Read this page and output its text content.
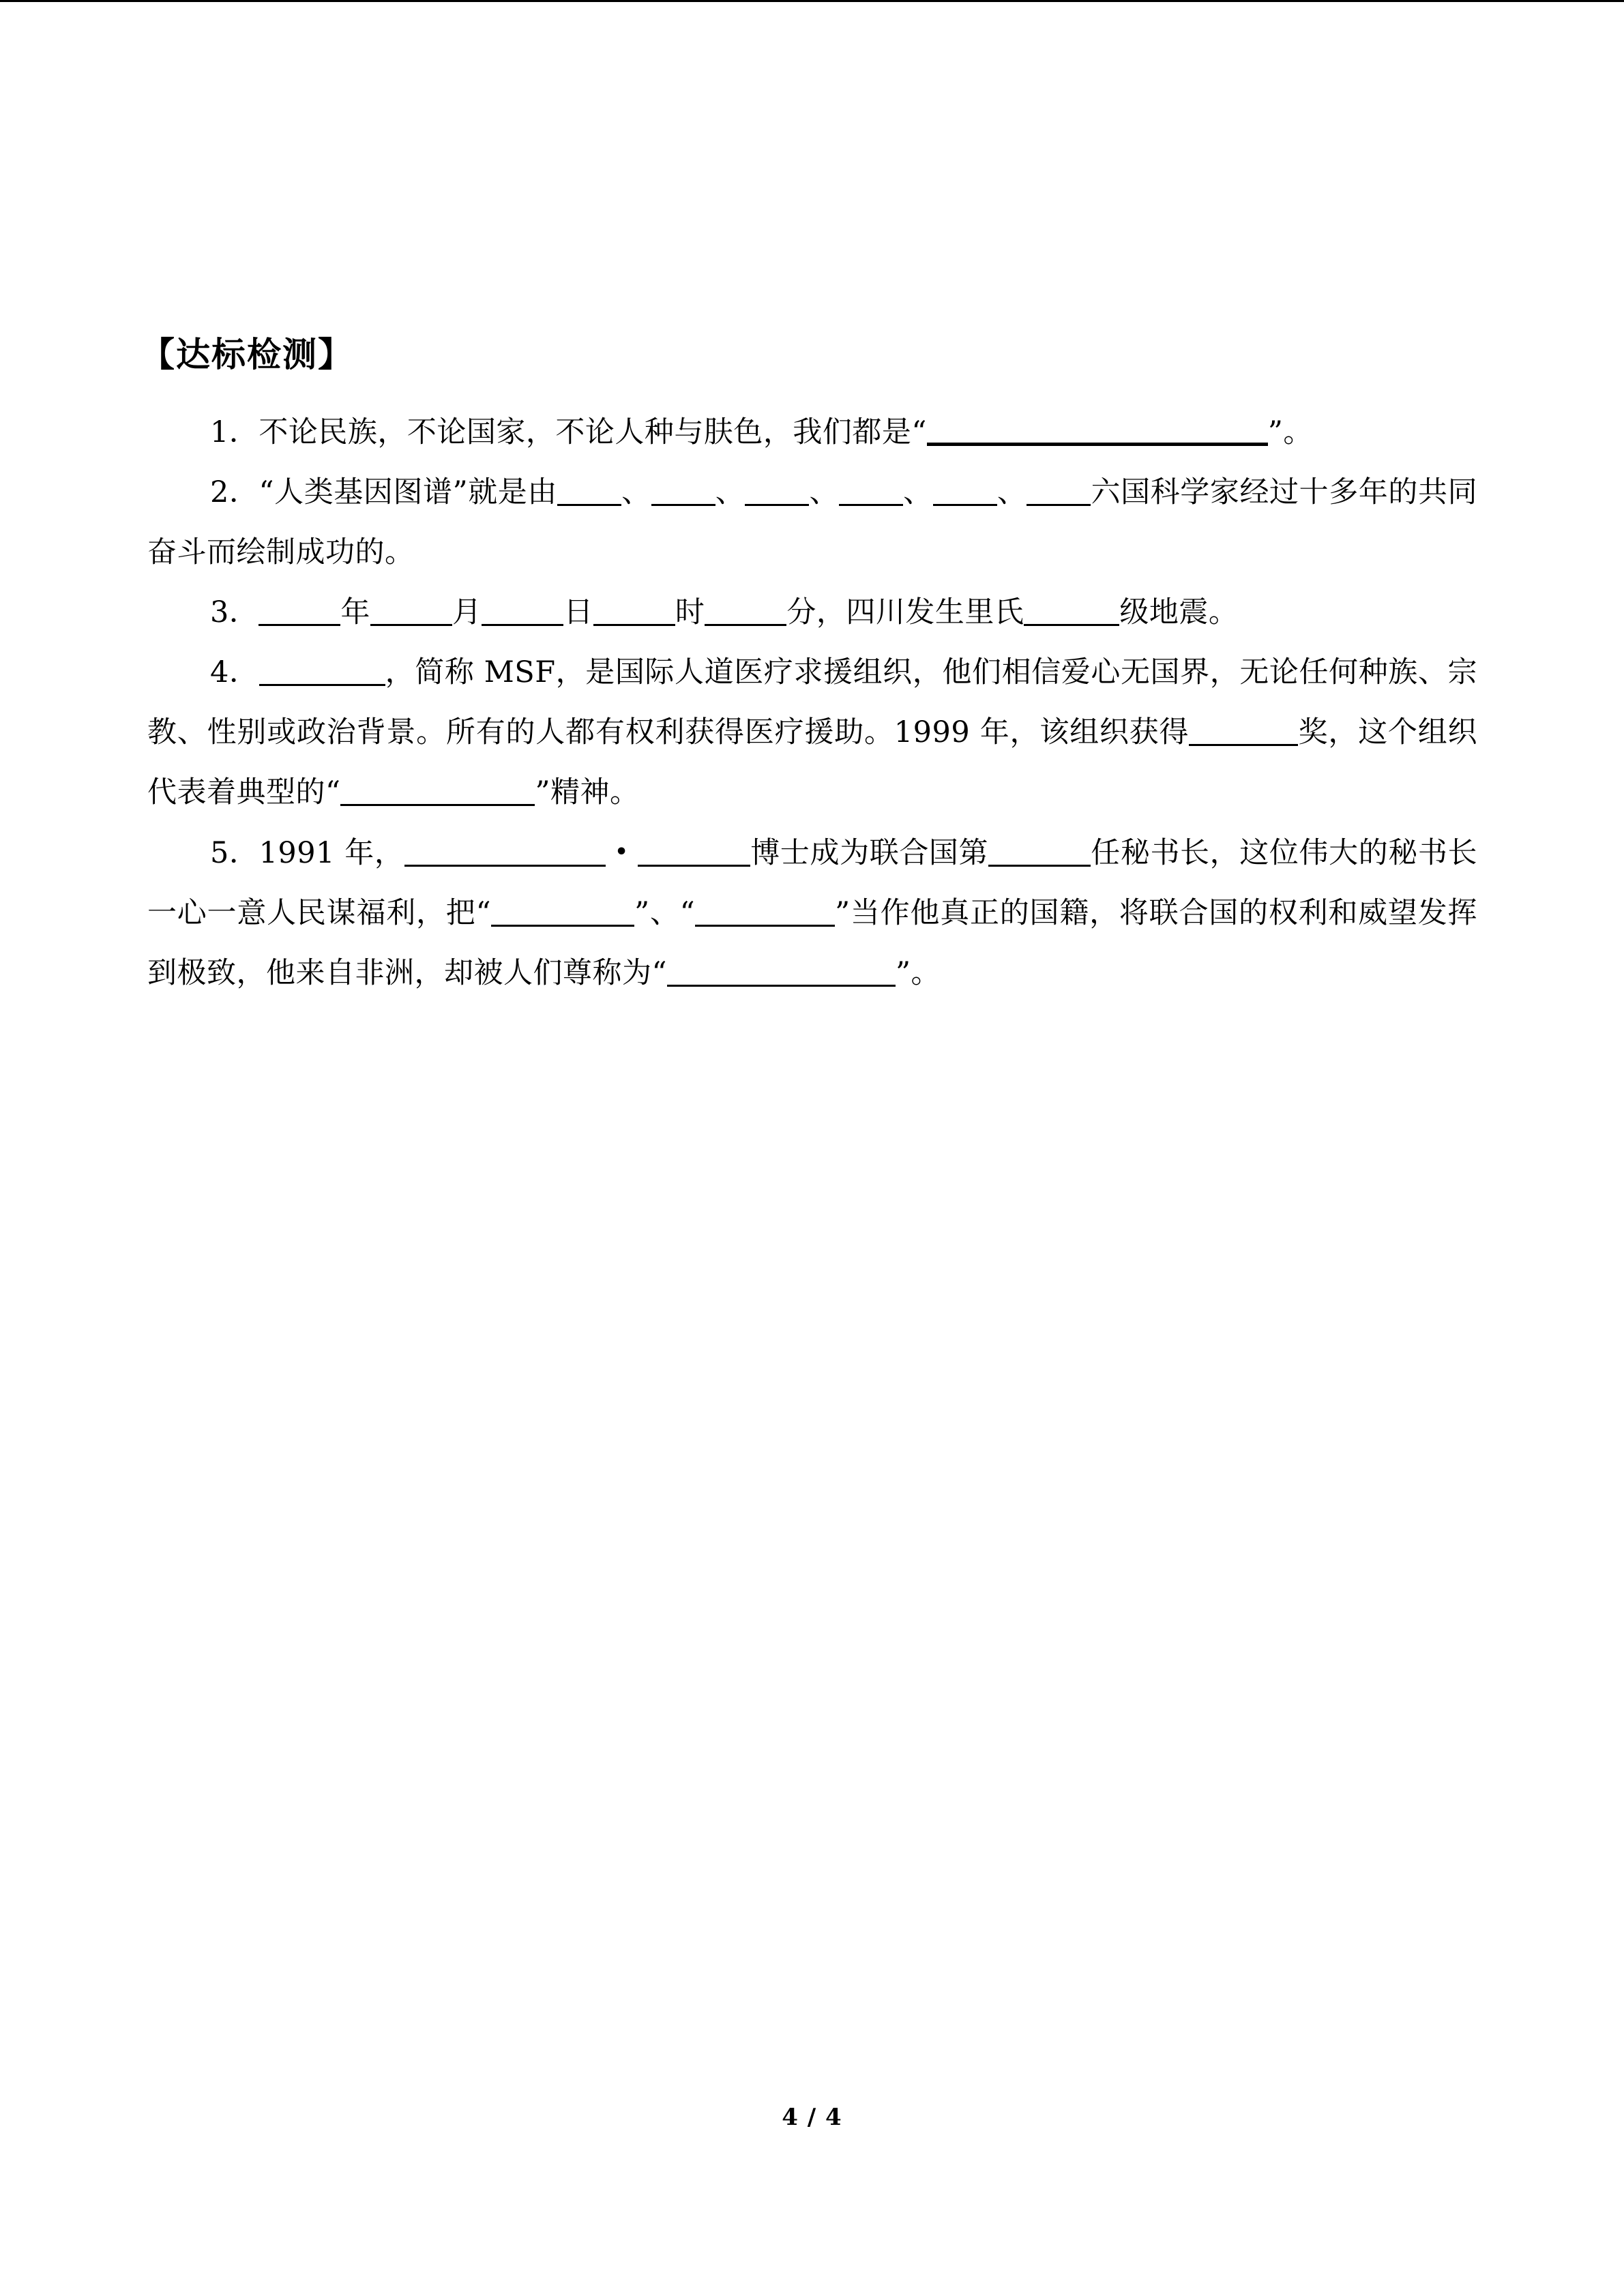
【达标检测】

1．不论民族，不论国家，不论人种与肤色，我们都是“	”。

2．“人类基因图谱”就是由 、 、 、 、 、 六国科学家经过十多年的共同奋斗而绘制成功的。

3．	年	月	日	时	分，四川发生里氏	级地震。

4．	，简称 MSF，是国际人道医疗求援组织，他们相信爱心无国界，无论任何种族、宗教、性别或政治背景。所有的人都有权利获得医疗援助。1999 年，该组织获得	奖，这个组织代表着典型的“	”精神。

5．1991 年，	•	博士成为联合国第	任秘书长，这位伟大的秘书长一心一意人民谋福利，把“	”、“	”当作他真正的国籍，将联合国的权利和威望发挥到极致，他来自非洲，却被人们尊称为“	”。

4 / 4
